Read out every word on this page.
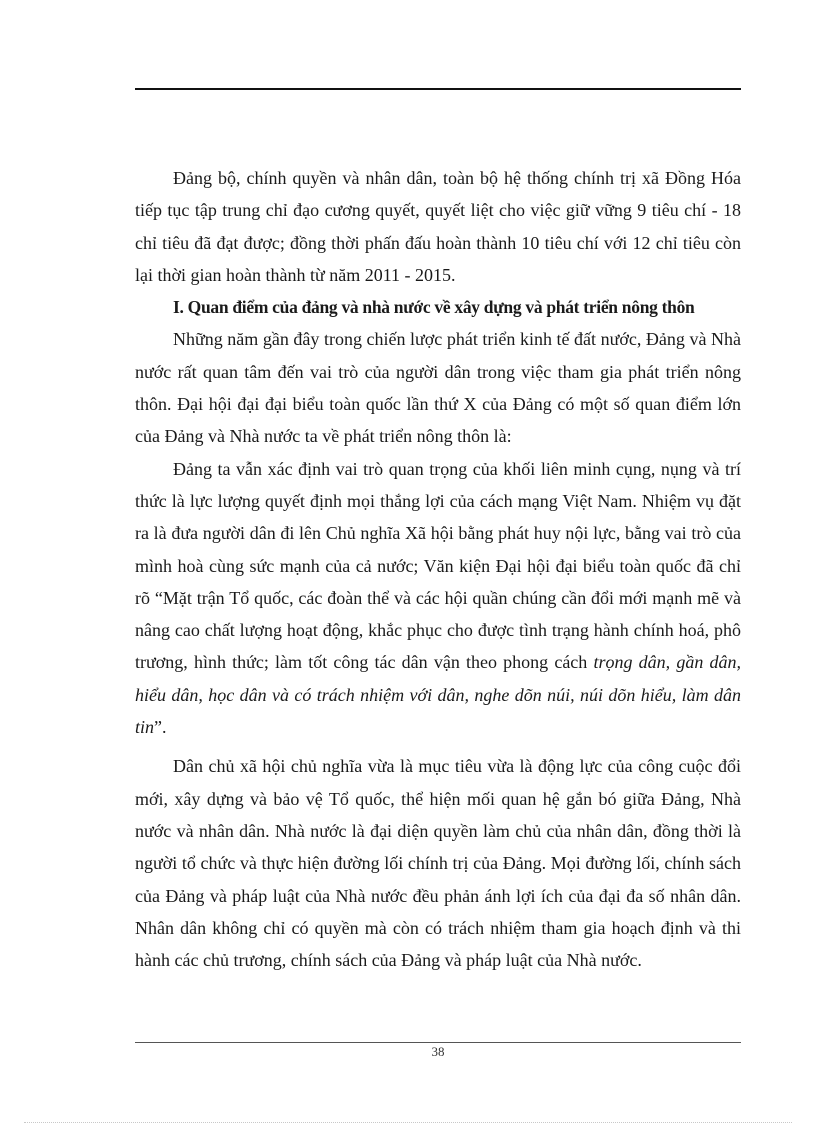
Đảng bộ, chính quyền và nhân dân, toàn bộ hệ thống chính trị xã Đồng Hóa tiếp tục tập trung chỉ đạo cương quyết, quyết liệt cho việc giữ vững 9 tiêu chí - 18 chỉ tiêu đã đạt được; đồng thời phấn đấu hoàn thành 10 tiêu chí với 12 chỉ tiêu còn lại thời gian hoàn thành từ năm 2011 - 2015.

I. Quan điểm của đảng và nhà nước về xây dựng và phát triển nông thôn

Những năm gần đây trong chiến lược phát triển kinh tế đất nước, Đảng và Nhà nước rất quan tâm đến vai trò của người dân trong việc tham gia phát triển nông thôn. Đại hội đại đại biểu toàn quốc lần thứ X của Đảng có một số quan điểm lớn của Đảng và Nhà nước ta về phát triển nông thôn là:

Đảng ta vẫn xác định vai trò quan trọng của khối liên minh cụng, nụng và trí thức là lực lượng quyết định mọi thắng lợi của cách mạng Việt Nam. Nhiệm vụ đặt ra là đưa người dân đi lên Chủ nghĩa Xã hội bằng phát huy nội lực, bằng vai trò của mình hoà cùng sức mạnh của cả nước; Văn kiện Đại hội đại biểu toàn quốc đã chỉ rõ “Mặt trận Tổ quốc, các đoàn thể và các hội quần chúng cần đổi mới mạnh mẽ và nâng cao chất lượng hoạt động, khắc phục cho được tình trạng hành chính hoá, phô trương, hình thức; làm tốt công tác dân vận theo phong cách trọng dân, gần dân, hiểu dân, học dân và có trách nhiệm với dân, nghe dõn núi, núi dõn hiểu, làm dân tin”.

Dân chủ xã hội chủ nghĩa vừa là mục tiêu vừa là động lực của công cuộc đổi mới, xây dựng và bảo vệ Tổ quốc, thể hiện mối quan hệ gắn bó giữa Đảng, Nhà nước và nhân dân. Nhà nước là đại diện quyền làm chủ của nhân dân, đồng thời là người tổ chức và thực hiện đường lối chính trị của Đảng. Mọi đường lối, chính sách của Đảng và pháp luật của Nhà nước đều phản ánh lợi ích của đại đa số nhân dân. Nhân dân không chỉ có quyền mà còn có trách nhiệm tham gia hoạch định và thi hành các chủ trương, chính sách của Đảng và pháp luật của Nhà nước.

38
